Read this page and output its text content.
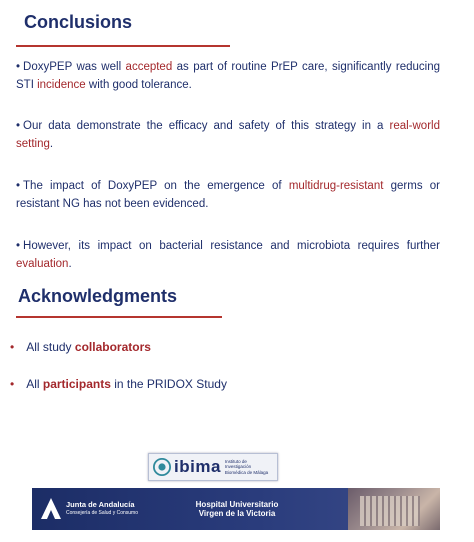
Conclusions
• DoxyPEP was well accepted as part of routine PrEP care, significantly reducing STI incidence with good tolerance.
• Our data demonstrate the efficacy and safety of this strategy in a real-world setting.
• The impact of DoxyPEP on the emergence of multidrug-resistant germs or resistant NG has not been evidenced.
• However, its impact on bacterial resistance and microbiota requires further evaluation.
Acknowledgments
• All study collaborators
• All participants in the PRIDOX Study
ibima Instituto de Investigación Biomédica de Málaga
Junta de Andalucía
Consejería de Salud y Consumo
Hospital Universitario
Virgen de la Victoria
